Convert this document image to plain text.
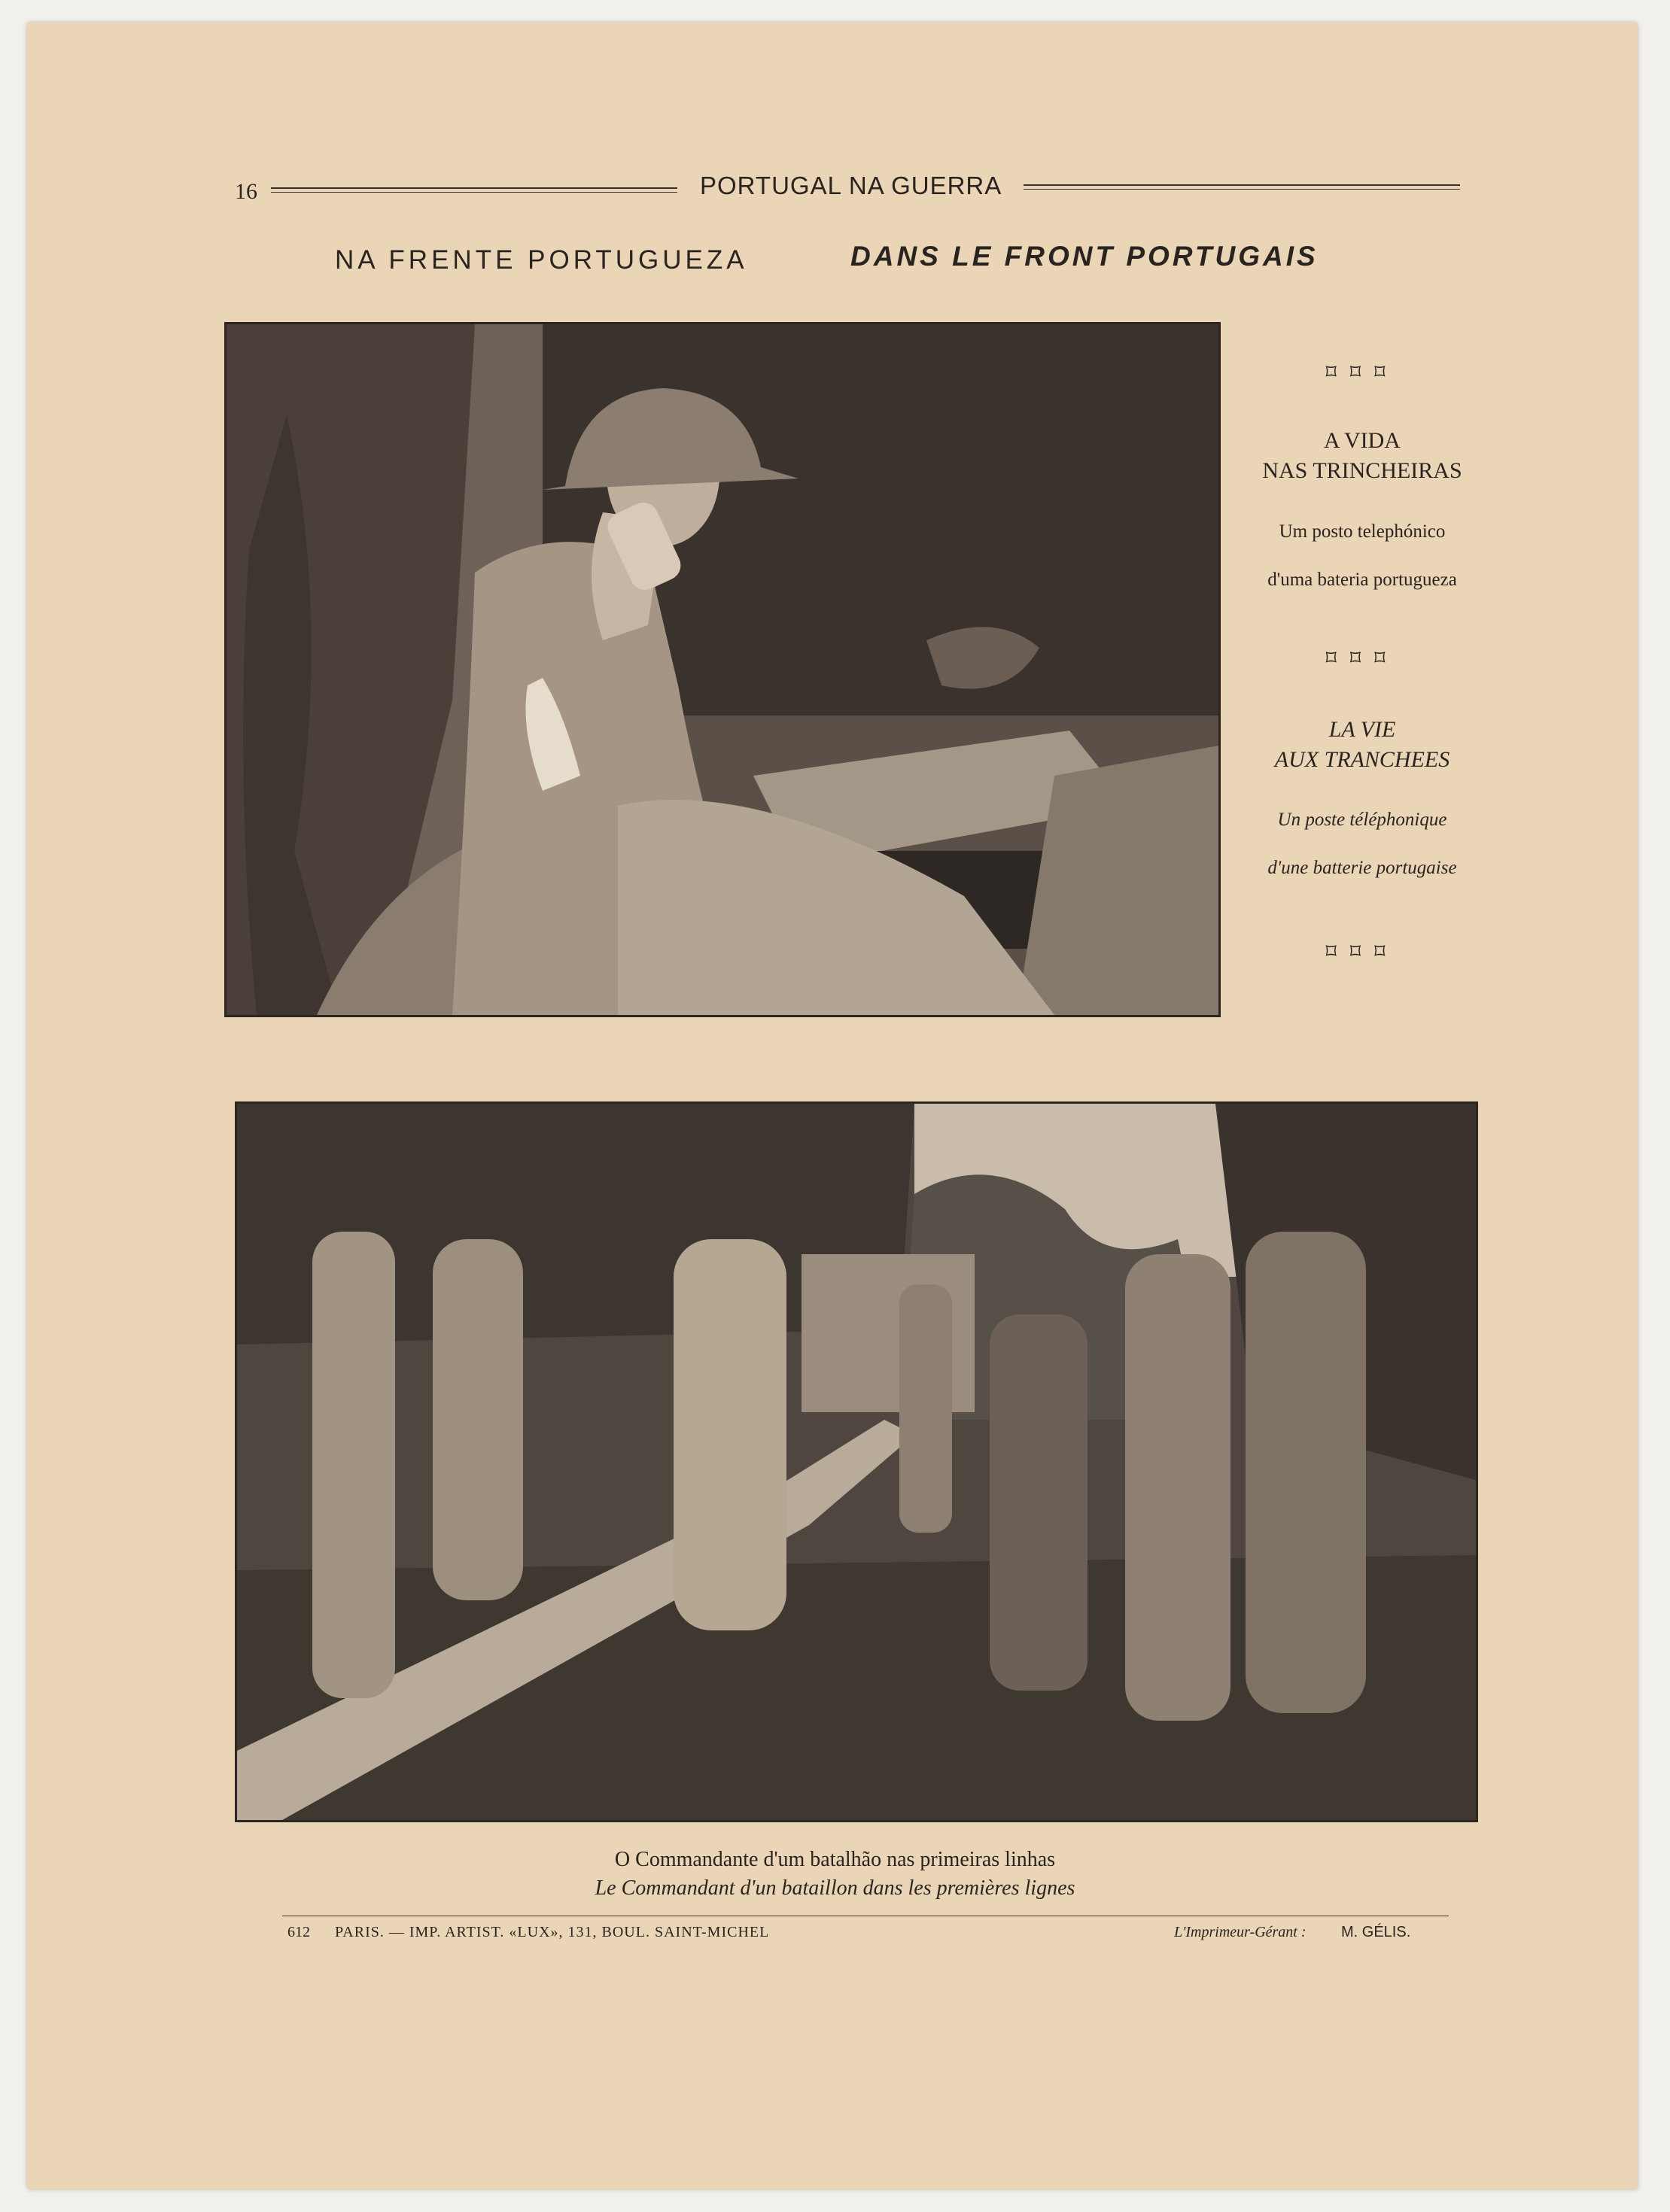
16	PORTUGAL NA GUERRA
NA FRENTE PORTUGUEZA	DANS LE FRONT PORTUGAIS
⌑⌑⌑
A VIDA
NAS TRINCHEIRAS
Um posto telephónico
d'uma bateria portugueza
⌑⌑⌑
LA VIE
AUX TRANCHEES
Un poste téléphonique
d'une batterie portugaise
⌑⌑⌑
O Commandante d'um batalhão nas primeiras linhas
Le Commandant d'un bataillon dans les premières lignes
612 PARIS. — IMP. ARTIST. «LUX», 131, BOUL. SAINT-MICHEL	L'Imprimeur-Gérant : M. GÉLIS.
